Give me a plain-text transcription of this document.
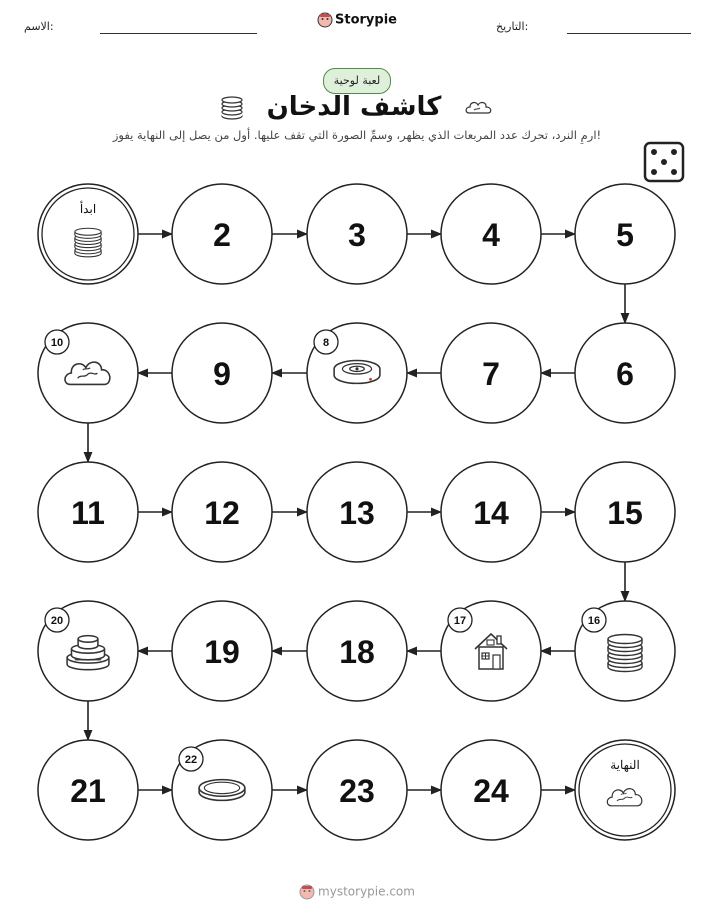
الاسم:	Storypie	التاريخ:
لعبة لوحية
كاشف الدخان
ارمِ النرد، تحرك عدد المربعات الذي يظهر، وسمِّ الصورة التي تقف عليها. أول من يصل إلى النهاية يفوز!
ابدأ
2	3	4	5
6
7
8
9
10
11	12	13	14	15
16
17
18
19
20
21
22
23	24
النهاية
mystorypie.com
